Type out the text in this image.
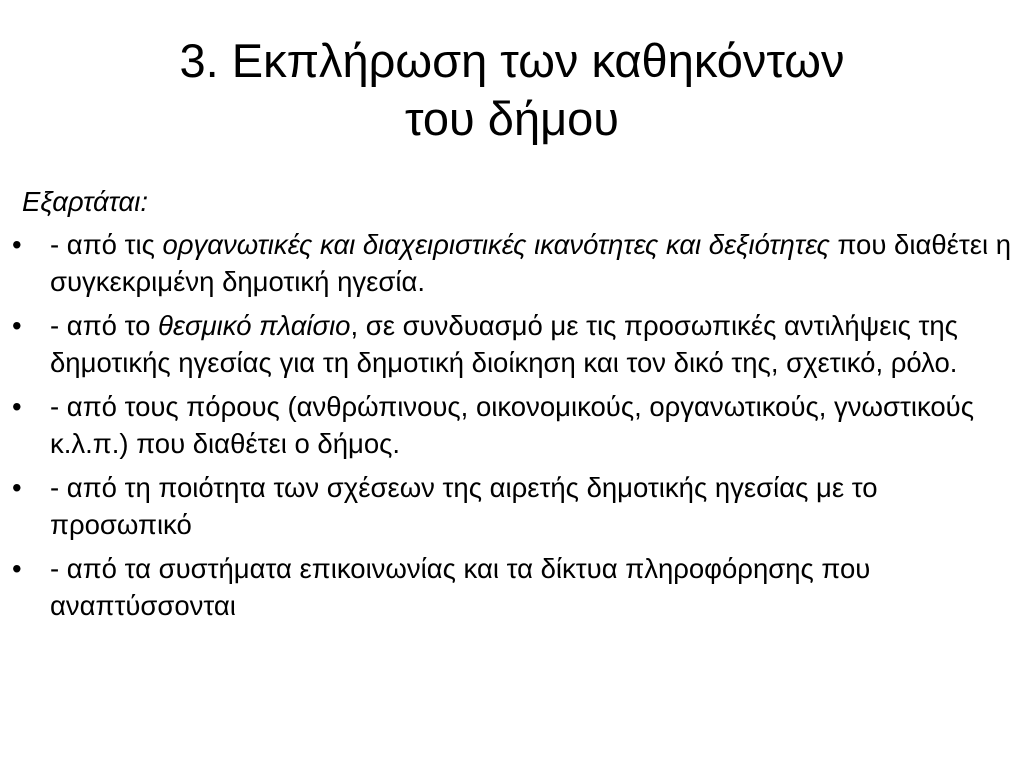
3. Εκπλήρωση των καθηκόντων
του δήμου

Εξαρτάται:

•	- από τις οργανωτικές και διαχειριστικές ικανότητες και δεξιότητες που διαθέτει η συγκεκριμένη δημοτική ηγεσία.
•	- από το θεσμικό πλαίσιο, σε συνδυασμό με τις προσωπικές αντιλήψεις της δημοτικής ηγεσίας για τη δημοτική διοίκηση και τον δικό της, σχετικό, ρόλο.
•	- από τους πόρους (ανθρώπινους, οικονομικούς, οργανωτικούς, γνωστικούς κ.λ.π.) που διαθέτει ο δήμος.
•	- από τη ποιότητα των σχέσεων της αιρετής δημοτικής ηγεσίας με το προσωπικό
•	- από τα συστήματα επικοινωνίας και τα δίκτυα πληροφόρησης που αναπτύσσονται
